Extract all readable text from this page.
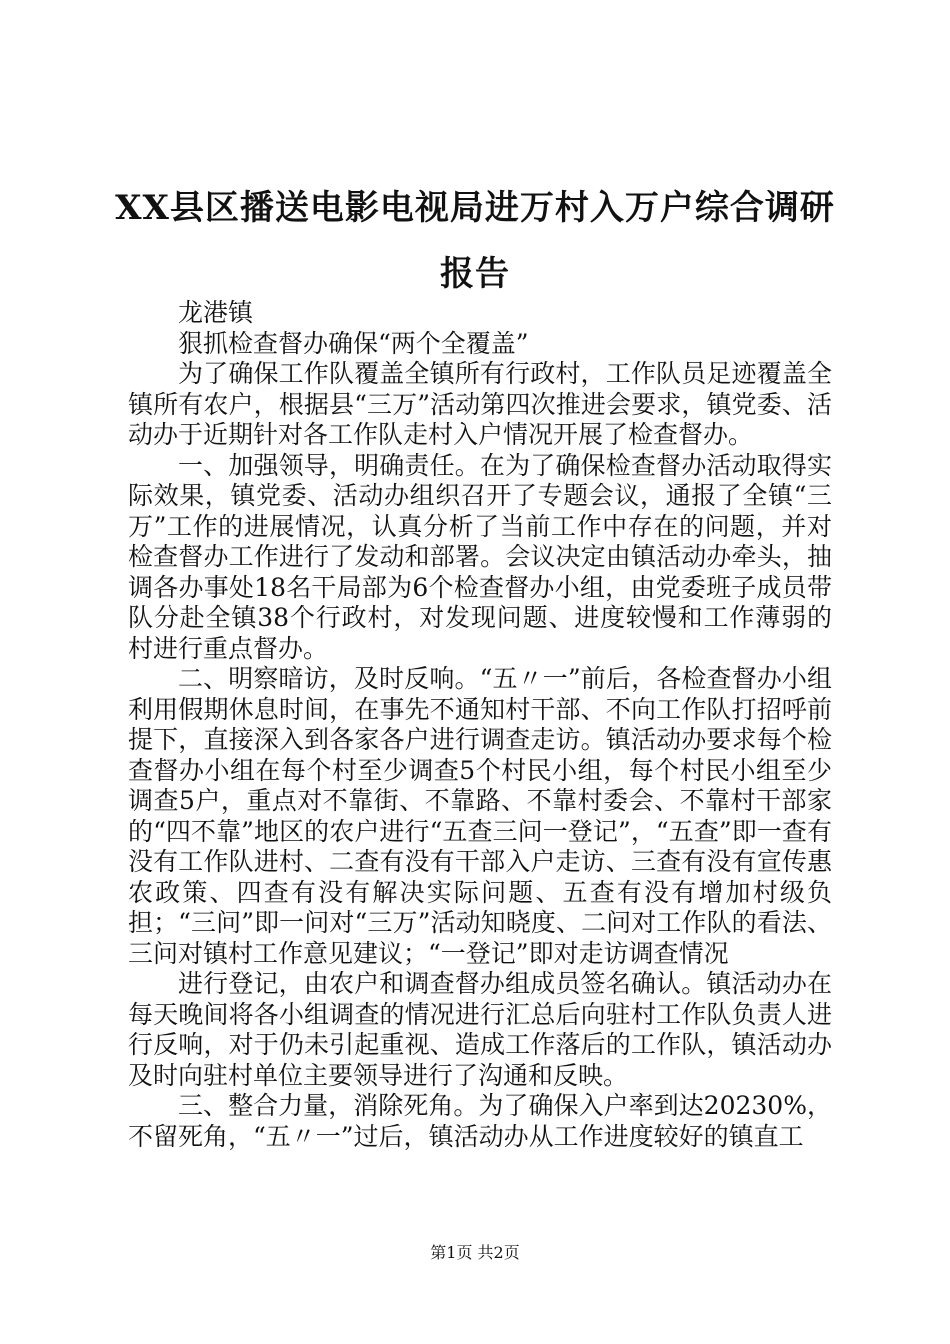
XX县区播送电影电视局进万村入万户综合调研报告

龙港镇

狠抓检查督办确保“两个全覆盖”

为了确保工作队覆盖全镇所有行政村，工作队员足迹覆盖全镇所有农户，根据县“三万”活动第四次推进会要求，镇党委、活动办于近期针对各工作队走村入户情况开展了检查督办。

一、加强领导，明确责任。在为了确保检查督办活动取得实际效果，镇党委、活动办组织召开了专题会议，通报了全镇“三万”工作的进展情况，认真分析了当前工作中存在的问题，并对检查督办工作进行了发动和部署。会议决定由镇活动办牵头，抽调各办事处18名干局部为6个检查督办小组，由党委班子成员带队分赴全镇38个行政村，对发现问题、进度较慢和工作薄弱的村进行重点督办。

二、明察暗访，及时反响。“五〃一”前后，各检查督办小组利用假期休息时间，在事先不通知村干部、不向工作队打招呼前提下，直接深入到各家各户进行调查走访。镇活动办要求每个检查督办小组在每个村至少调查5个村民小组，每个村民小组至少调查5户，重点对不靠街、不靠路、不靠村委会、不靠村干部家的“四不靠”地区的农户进行“五查三问一登记”，“五查”即一查有没有工作队进村、二查有没有干部入户走访、三查有没有宣传惠农政策、四查有没有解决实际问题、五查有没有增加村级负担；“三问”即一问对“三万”活动知晓度、二问对工作队的看法、三问对镇村工作意见建议；“一登记”即对走访调查情况

进行登记，由农户和调查督办组成员签名确认。镇活动办在每天晚间将各小组调查的情况进行汇总后向驻村工作队负责人进行反响，对于仍未引起重视、造成工作落后的工作队，镇活动办及时向驻村单位主要领导进行了沟通和反映。

三、整合力量，消除死角。为了确保入户率到达20230%，不留死角，“五〃一”过后，镇活动办从工作进度较好的镇直工

第1页 共2页
